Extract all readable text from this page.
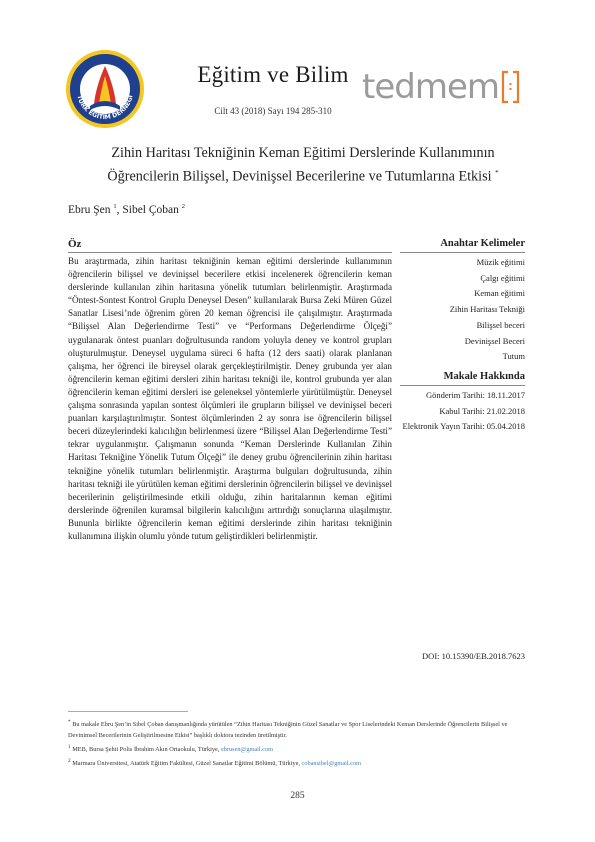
TÜRK EĞİTİM DERNEĞİ
Eğitim ve Bilim
Cilt 43 (2018) Sayı 194 285-310
tedmem
Zihin Haritası Tekniğinin Keman Eğitimi Derslerinde Kullanımının
Öğrencilerin Bilişsel, Devinişsel Becerilerine ve Tutumlarına Etkisi *
Ebru Şen $^1$, Sibel Çoban $^2$
Öz

Bu araştırmada, zihin haritası tekniğinin keman eğitimi derslerinde kullanımının öğrencilerin bilişsel ve devinişsel becerilere etkisi incelenerek öğrencilerin keman derslerinde kullanılan zihin haritasına yönelik tutumları belirlenmiştir. Araştırmada “Öntest-Sontest Kontrol Gruplu Deneysel Desen” kullanılarak Bursa Zeki Müren Güzel Sanatlar Lisesi’nde öğrenim gören 20 keman öğrencisi ile çalışılmıştır. Araştırmada “Bilişsel Alan Değerlendirme Testi” ve “Performans Değerlendirme Ölçeği” uygulanarak öntest puanları doğrultusunda random yoluyla deney ve kontrol grupları oluşturulmuştur. Deneysel uygulama süreci 6 hafta (12 ders saati) olarak planlanan çalışma, her öğrenci ile bireysel olarak gerçekleştirilmiştir. Deney grubunda yer alan öğrencilerin keman eğitimi dersleri zihin haritası tekniği ile, kontrol grubunda yer alan öğrencilerin keman eğitimi dersleri ise geleneksel yöntemlerle yürütülmüştür. Deneysel çalışma sonrasında yapılan sontest ölçümleri ile grupların bilişsel ve devinişsel beceri puanları karşılaştırılmıştır. Sontest ölçümlerinden 2 ay sonra ise öğrencilerin bilişsel beceri düzeylerindeki kalıcılığın belirlenmesi üzere “Bilişsel Alan Değerlendirme Testi” tekrar uygulanmıştır. Çalışmanın sonunda “Keman Derslerinde Kullanılan Zihin Haritası Tekniğine Yönelik Tutum Ölçeği” ile deney grubu öğrencilerinin zihin haritası tekniğine yönelik tutumları belirlenmiştir. Araştırma bulguları doğrultusunda, zihin haritası tekniği ile yürütülen keman eğitimi derslerinin öğrencilerin bilişsel ve devinişsel becerilerinin geliştirilmesinde etkili olduğu, zihin haritalarının keman eğitimi derslerinde öğrenilen kuramsal bilgilerin kalıcılığını arttırdığı sonuçlarına ulaşılmıştır. Bununla birlikte öğrencilerin keman eğitimi derslerinde zihin haritası tekniğinin kullanımına ilişkin olumlu yönde tutum geliştirdikleri belirlenmiştir.

Anahtar Kelimeler
Müzik eğitimi
Çalgı eğitimi
Keman eğitimi
Zihin Haritası Tekniği
Bilişsel beceri
Devinişsel Beceri
Tutum
Makale Hakkında
Gönderim Tarihi: 18.11.2017
Kabul Tarihi: 21.02.2018
Elektronik Yayın Tarihi: 05.04.2018
DOI: 10.15390/EB.2018.7623
* Bu makale Ebru Şen’in Sibel Çoban danışmanlığında yürütülen “Zihin Haritası Tekniğinin Güzel Sanatlar ve Spor Liselerindeki Keman Derslerinde Öğrencilerin Bilişsel ve Devinimsel Becerilerinin Geliştirilmesine Etkisi” başlıklı doktora tezinden üretilmiştir.
$^1$ MEB, Bursa Şehit Polis İbrahim Akın Ortaokulu, Türkiye, ebrusen@gmail.com
$^2$ Marmara Üniversitesi, Atatürk Eğitim Fakültesi, Güzel Sanatlar Eğitimi Bölümü, Türkiye, cobansibel@gmail.com
285
